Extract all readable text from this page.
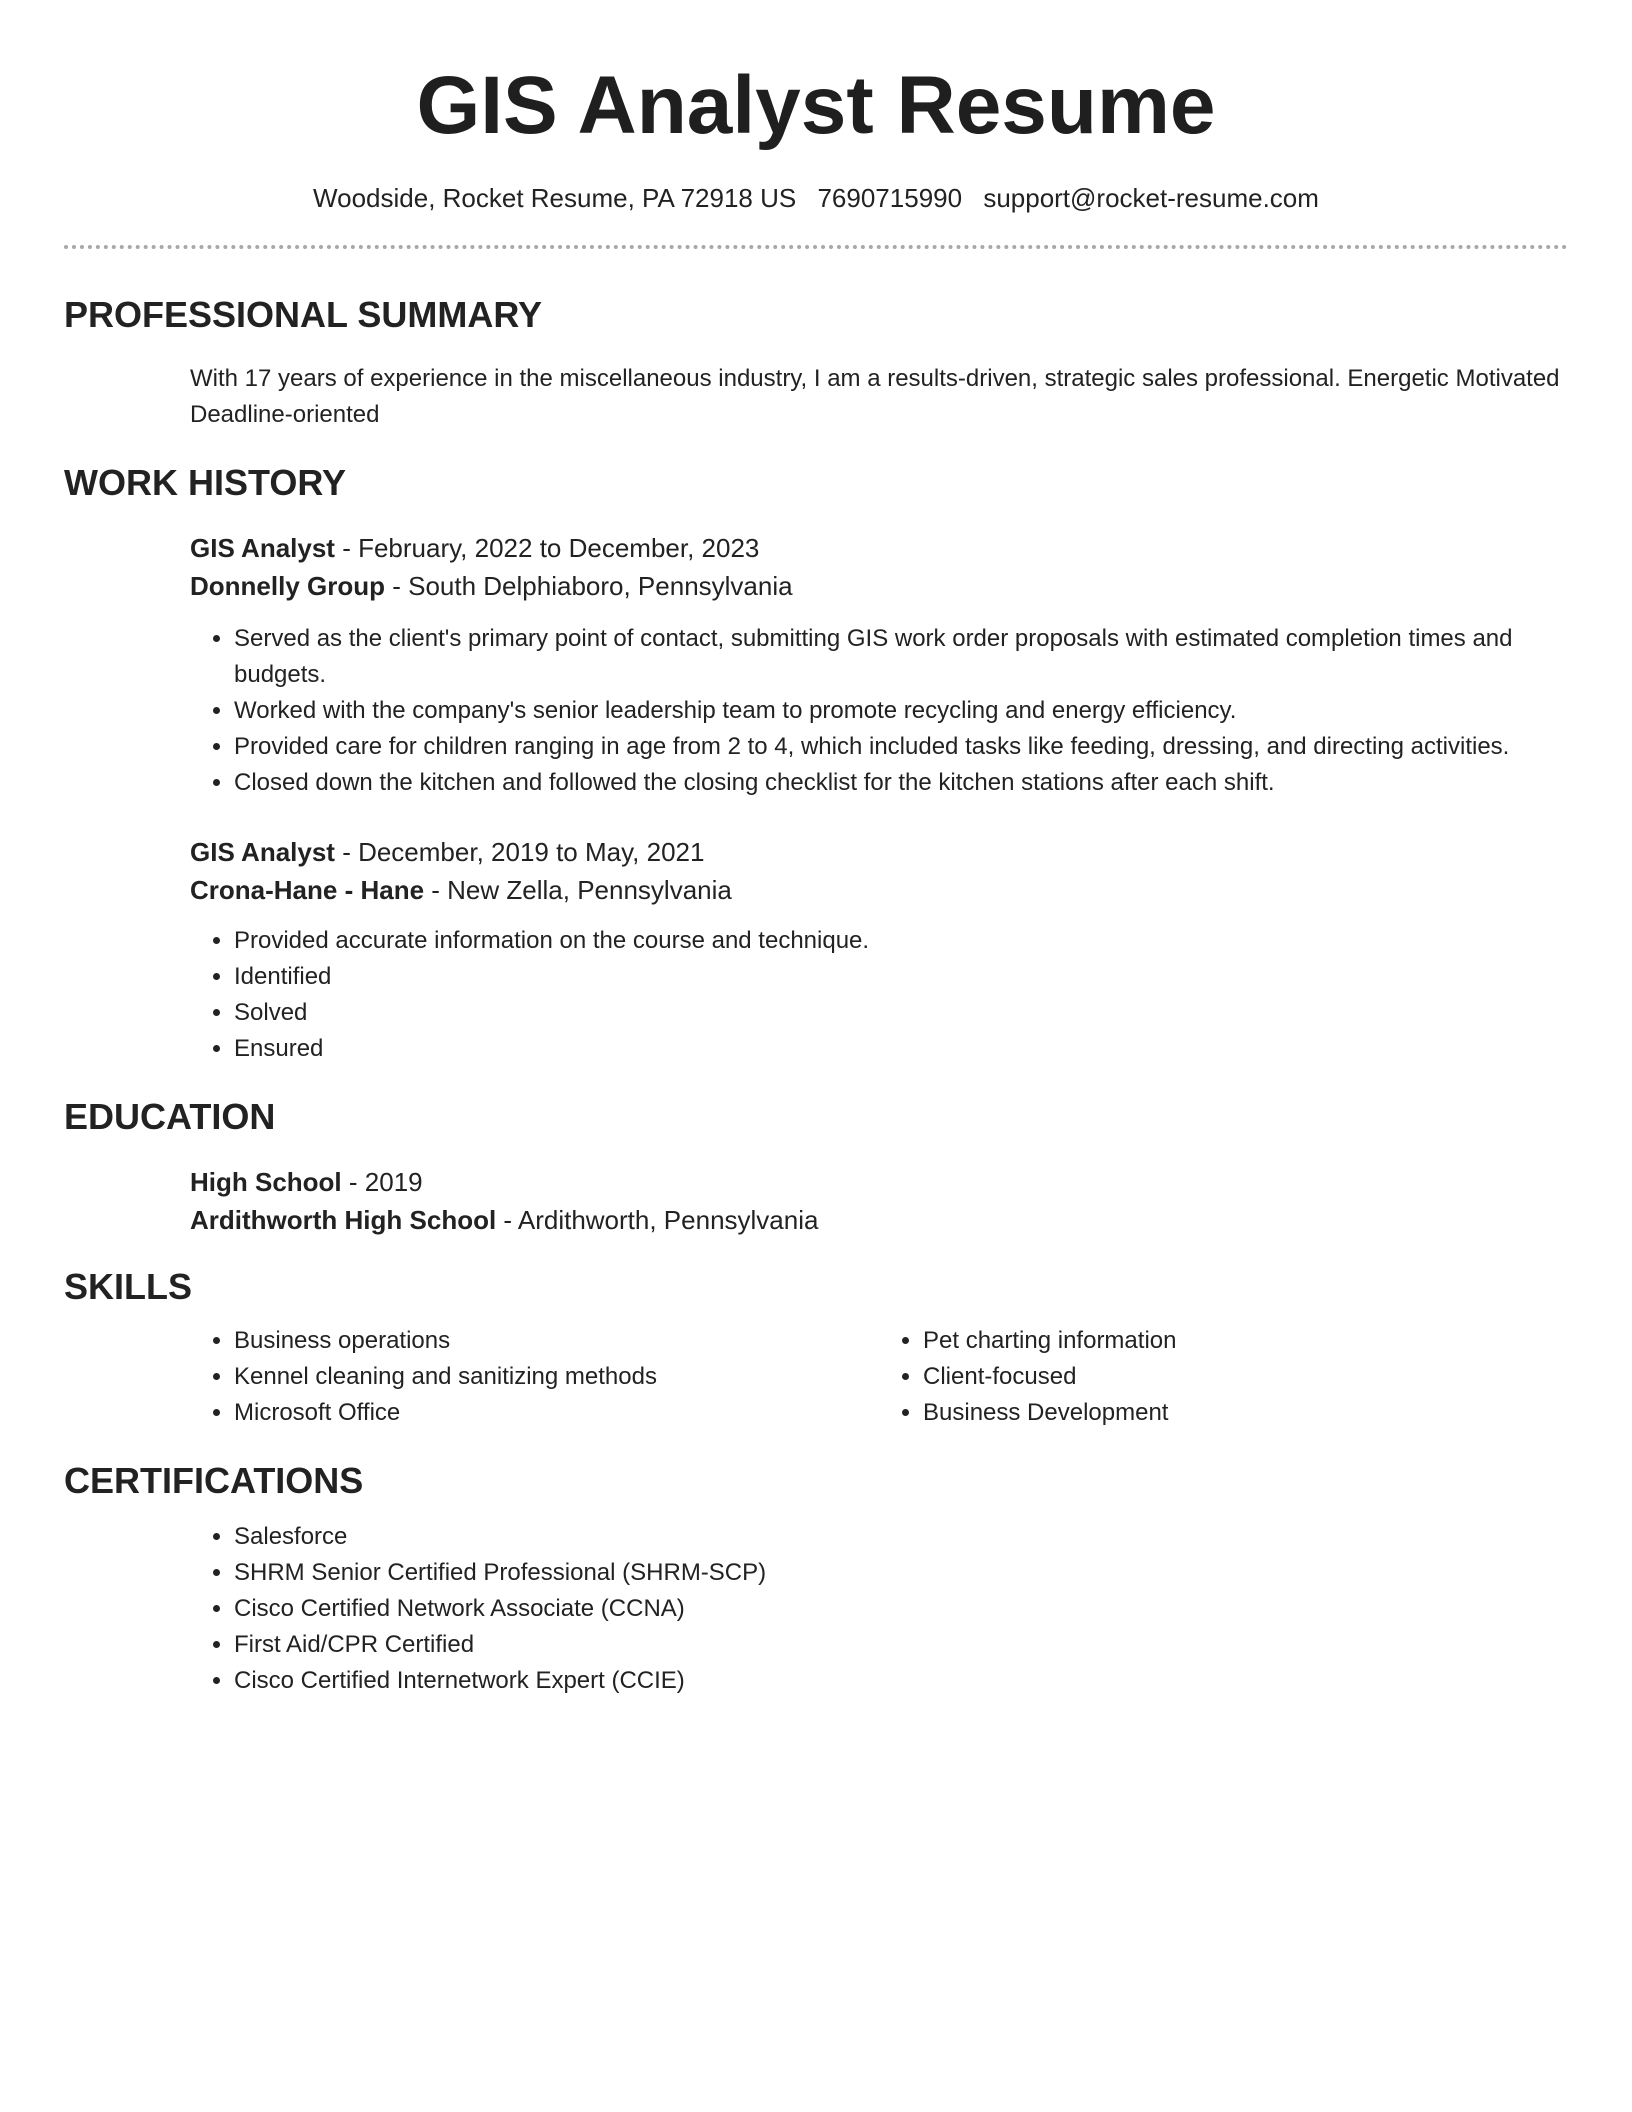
GIS Analyst Resume
Woodside, Rocket Resume, PA 72918 US 7690715990 support@rocket-resume.com
PROFESSIONAL SUMMARY
With 17 years of experience in the miscellaneous industry, I am a results-driven, strategic sales professional. Energetic Motivated Deadline-oriented
WORK HISTORY
GIS Analyst - February, 2022 to December, 2023
Donnelly Group - South Delphiaboro, Pennsylvania
• Served as the client's primary point of contact, submitting GIS work order proposals with estimated completion times and budgets.
• Worked with the company's senior leadership team to promote recycling and energy efficiency.
• Provided care for children ranging in age from 2 to 4, which included tasks like feeding, dressing, and directing activities.
• Closed down the kitchen and followed the closing checklist for the kitchen stations after each shift.
GIS Analyst - December, 2019 to May, 2021
Crona-Hane - Hane - New Zella, Pennsylvania
• Provided accurate information on the course and technique.
• Identified
• Solved
• Ensured
EDUCATION
High School - 2019
Ardithworth High School - Ardithworth, Pennsylvania
SKILLS
• Business operations
• Kennel cleaning and sanitizing methods
• Microsoft Office
• Pet charting information
• Client-focused
• Business Development
CERTIFICATIONS
• Salesforce
• SHRM Senior Certified Professional (SHRM-SCP)
• Cisco Certified Network Associate (CCNA)
• First Aid/CPR Certified
• Cisco Certified Internetwork Expert (CCIE)
